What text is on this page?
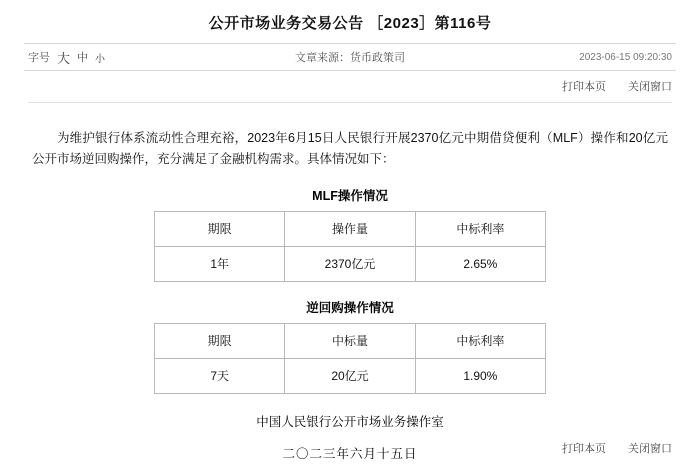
公开市场业务交易公告 ［2023］第116号
字号 大 中 小	文章来源：货币政策司	2023-06-15 09:20:30
打印本页 关闭窗口

为维护银行体系流动性合理充裕，2023年6月15日人民银行开展2370亿元中期借贷便利（MLF）操作和20亿元公开市场逆回购操作，充分满足了金融机构需求。具体情况如下：

MLF操作情况
期限	操作量	中标利率
1年	2370亿元	2.65%
逆回购操作情况
期限	中标量	中标利率
7天	20亿元	1.90%
中国人民银行公开市场业务操作室
二〇二三年六月十五日	打印本页 关闭窗口
